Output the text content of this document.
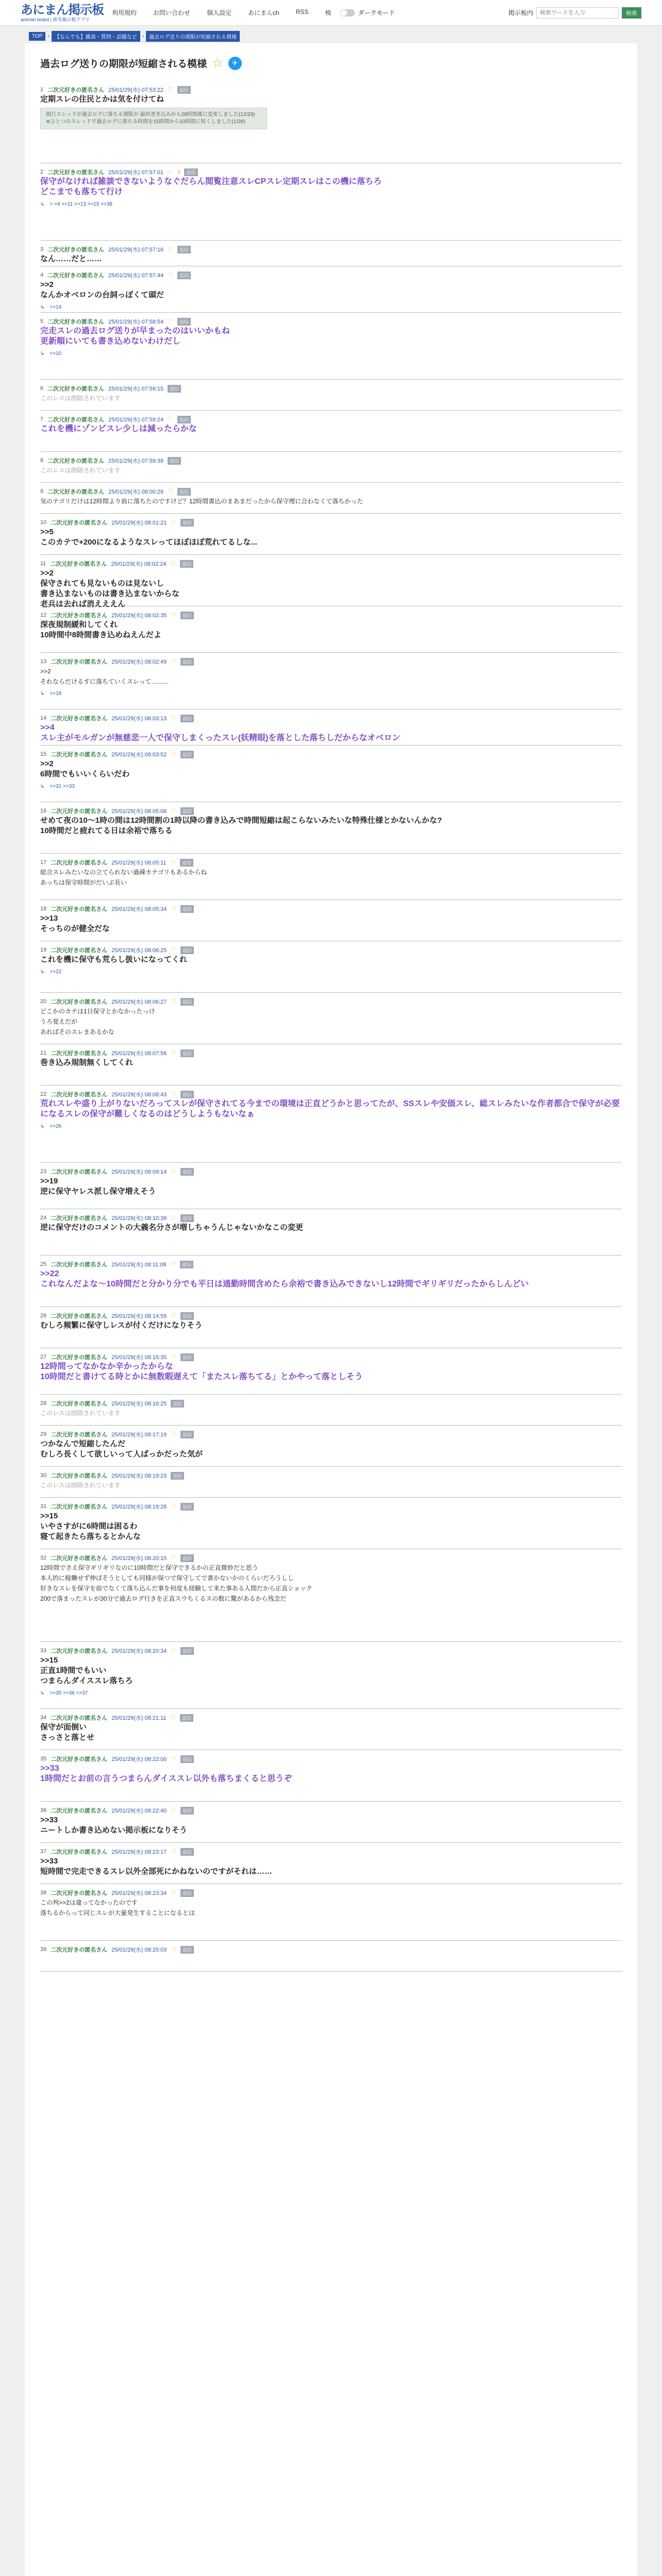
あにまん掲示板
animan board | 匿名掲示板アプリ
利用規約	お問い合わせ	個人設定	あにまんch	RSS	検	ダークモード	掲示板内
検索ワードを入力	検索
TOP	›	【なんでも】雑談・質問・話題など	›	過去ログ送りの期限が短縮される模様
過去ログ送りの期限が短縮される模様 ☆	✈
1 二次元好きの匿名さん 25/01/29(水) 07:53:22 ♡	返信
定期スレの住民とかは気を付けてね
現行スレッドが過去ログに落ちる期限が 最終書き込みから28時間後に変更しました(12/29)
※ひとつのスレッドで過去ログに落ちる時間を15時間から10時間に短くしました(1/28)
2 二次元好きの匿名さん 25/01/29(水) 07:57:01 ♡ 3	返信
保守がなければ雑談できないようなぐだらん閲覧注意スレCPスレ定期スレはこの機に落ちろ
どこまでも落ちて行け
↳ > >4 >>11 >>13 >>15 >>38
3 二次元好きの匿名さん 25/01/29(水) 07:57:16 ♡	返信
なん……だと……
4 二次元好きの匿名さん 25/01/29(水) 07:57:44 ♡	返信
>>2
なんかオベロンの台詞っぽくて頭だ
↳ >>14
5 二次元好きの匿名さん 25/01/29(水) 07:58:54 ♡	返信
完走スレの過去ログ送りが早まったのはいいかもね
更新順にいても書き込めないわけだし
↳ >>10
6 二次元好きの匿名さん 25/01/29(水) 07:59:15	返信
このレスは削除されています
7 二次元好きの匿名さん 25/01/29(水) 07:59:24 ♡	返信
これを機にゾンビスレ少しは減ったらかな
8 二次元好きの匿名さん 25/01/29(水) 07:59:39	返信
このレスは削除されています
9 二次元好きの匿名さん 25/01/29(水) 08:00:28 ♡	返信
気のテゴリだけは12時間より前に落ちたのですけど？12時間書込のまあまだったから保守理に合わなくて落ちかった
10 二次元好きの匿名さん 25/01/29(水) 08:01:21 ♡	返信
>>5
このカテで+200になるようなスレってほぼほぼ荒れてるしな...
11 二次元好きの匿名さん 25/01/29(水) 08:02:24 ♡	返信
>>2
保守されても見ないものは見ないし
書き込まないものは書き込まないからな
老兵は去れば消えええん
12 二次元好きの匿名さん 25/01/29(水) 08:02:35 ♡	返信
深夜規制緩和してくれ
10時間中8時間書き込めねえんだよ
13 二次元好きの匿名さん 25/01/29(水) 08:02:49 ♡	返信
>>2
それならだけるすに落ちていくスレって..........
↳ >>18
14 二次元好きの匿名さん 25/01/29(水) 08:03:13 ♡	返信
>>4
スレ主がモルガンが無慈悲一人で保守しまくったスレ(妖精眼)を落とした落ちしだからなオベロン
15 二次元好きの匿名さん 25/01/29(水) 08:03:52 ♡	返信
>>2
6時間でもいいくらいだわ
↳ >>31 >>33
16 二次元好きの匿名さん 25/01/29(水) 08:05:06 ♡	返信
せめて夜の10〜1時の間は12時間割の1時以降の書き込みで時間短縮は起こらないみたいな特殊仕様とかないんかな?
10時間だと疲れてる日は余裕で落ちる
17 二次元好きの匿名さん 25/01/29(水) 08:05:11 ♡	返信
総合スレみたいなの立てられない過疎カテゴリもあるからね
あっちは保守時間がだいぶ長い
18 二次元好きの匿名さん 25/01/29(水) 08:05:34 ♡	返信
>>13
そっちのが健全だな
19 二次元好きの匿名さん 25/01/29(水) 08:06:25 ♡	返信
これを機に保守も荒らし扱いになってくれ
↳ >>22
20 二次元好きの匿名さん 25/01/29(水) 08:06:27 ♡	返信
どこかのカテは1日保守とかなかったっけ
うろ覚えだが
あればそのスレまあるかな
21 二次元好きの匿名さん 25/01/29(水) 08:07:56 ♡	返信
巻き込み規制無くしてくれ
22 二次元好きの匿名さん 25/01/29(水) 08:08:43 ♡	返信
荒れスレや盛り上がりないだろってスレが保守されてる今までの環境は正直どうかと思ってたが、SSスレや安価スレ、総スレみたいな作者都合で保守が必要になるスレの保守が難しくなるのはどうしようもないなぁ
↳ >>26
23 二次元好きの匿名さん 25/01/29(水) 08:09:14 ♡	返信
>>19
逆に保守ヤレス派し保守増えそう
24 二次元好きの匿名さん 25/01/29(水) 08:10:39 ♡	返信
逆に保守だけのコメントの大義名分さが増しちゃうんじゃないかなこの変更
25 二次元好きの匿名さん 25/01/29(水) 08:11:08 ♡	返信
>>22
これなんだよな〜10時間だと分かり分でも平日は通勤時間含めたら余裕で書き込みできないし12時間でギリギリだったからしんどい
26 二次元好きの匿名さん 25/01/29(水) 08:14:55 ♡	返信
むしろ頻繁に保守しレスが付くだけになりそう
27 二次元好きの匿名さん 25/01/29(水) 08:15:35 ♡	返信
12時間ってなかなか辛かったからな
10時間だと書けてる時とかに無数暇遅えて「またスレ落ちてる」とかやって落としそう
28 二次元好きの匿名さん 25/01/29(水) 08:16:25	返信
このレスは削除されています
29 二次元好きの匿名さん 25/01/29(水) 08:17:19 ♡	返信
つかなんで短縮したんだ
むしろ長くして欲しいって人ばっかだった気が
30 二次元好きの匿名さん 25/01/29(水) 08:19:23	返信
このレスは削除されています
31 二次元好きの匿名さん 25/01/29(水) 08:19:28 ♡	返信
>>15
いやさすがに6時間は困るわ
寝て起きたら落ちるとかんな
32 二次元好きの匿名さん 25/01/29(水) 08:20:15 ♡	返信
12時間でさえ保守ギリギリなのに10時間だと保守できるかの正直微妙だと思う
本人的に稼働せず伸ばそうとしても同様が保つで保守してで書かないかのくらいだろうしし
好きなスレを保守を前でなくて落ち込んだ事を何度も経験して来た事ある人間だから正直ショック
200で落まったスレが30分で過去ログ行きを正直スウちくるスの数に驚があるから残念だ
33 二次元好きの匿名さん 25/01/29(水) 08:20:34 ♡	返信
>>15
正直1時間でもいい
つまらんダイススレ落ちろ
↳ >>35 >>36 >>37
34 二次元好きの匿名さん 25/01/29(水) 08:21:11 ♡	返信
保守が面倒い
さっさと落とせ
35 二次元好きの匿名さん 25/01/29(水) 08:22:00 ♡	返信
>>33
1時間だとお前の言うつまらんダイススレ以外も落ちまくると思うぞ
36 二次元好きの匿名さん 25/01/29(水) 08:22:40 ♡	返信
>>33
ニートしか書き込めない掲示板になりそう
37 二次元好きの匿名さん 25/01/29(水) 08:23:17 ♡	返信
>>33
短時間で完走できるスレ以外全部死にかねないのですがそれは……
38 二次元好きの匿名さん 25/01/29(水) 08:23:34 ♡	返信
この判>>2は違ってなかったのです
落ちるからって同じスレが大量発生することになるとは
39 二次元好きの匿名さん 25/01/29(水) 08:25:03 ♡	返信
